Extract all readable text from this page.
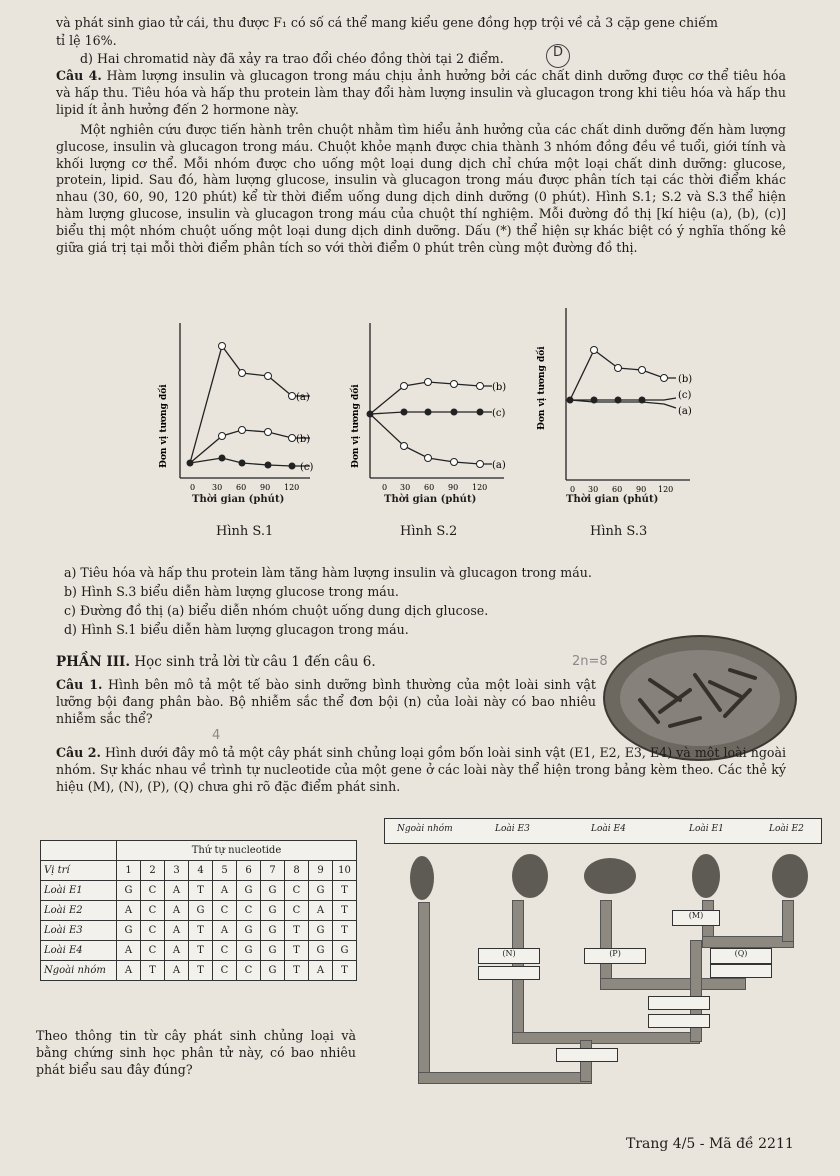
và phát sinh giao tử cái, thu được F₁ có số cá thể mang kiểu gene đồng hợp trội về cả 3 cặp gene chiếm
tỉ lệ 16%.
d) Hai chromatid này đã xảy ra trao đổi chéo đồng thời tại 2 điểm.	D
Câu 4. Hàm lượng insulin và glucagon trong máu chịu ảnh hưởng bởi các chất dinh dưỡng được cơ thể tiêu hóa và hấp thu. Tiêu hóa và hấp thu protein làm thay đổi hàm lượng insulin và glucagon trong khi tiêu hóa và hấp thu lipid ít ảnh hưởng đến 2 hormone này.
Một nghiên cứu được tiến hành trên chuột nhằm tìm hiểu ảnh hưởng của các chất dinh dưỡng đến hàm lượng glucose, insulin và glucagon trong máu. Chuột khỏe mạnh được chia thành 3 nhóm đồng đều về tuổi, giới tính và khối lượng cơ thể. Mỗi nhóm được cho uống một loại dung dịch chỉ chứa một loại chất dinh dưỡng: glucose, protein, lipid. Sau đó, hàm lượng glucose, insulin và glucagon trong máu được phân tích tại các thời điểm khác nhau (30, 60, 90, 120 phút) kể từ thời điểm uống dung dịch dinh dưỡng (0 phút). Hình S.1; S.2 và S.3 thể hiện hàm lượng glucose, insulin và glucagon trong máu của chuột thí nghiệm. Mỗi đường đồ thị [kí hiệu (a), (b), (c)] biểu thị một nhóm chuột uống một loại dung dịch dinh dưỡng. Dấu (*) thể hiện sự khác biệt có ý nghĩa thống kê giữa giá trị tại mỗi thời điểm phân tích so với thời điểm 0 phút trên cùng một đường đồ thị.
(a)
(b)
(c)
Đơn vị tương đối
0 30 60 90 120
Thời gian (phút)
Hình S.1
(b)
(c)
(a)
Đơn vị tương đối
0 30 60 90 120
Thời gian (phút)
Hình S.2
(b)
(c)
(a)
Đơn vị tương đối
0 30 60 90 120
Thời gian (phút)
Hình S.3
a) Tiêu hóa và hấp thu protein làm tăng hàm lượng insulin và glucagon trong máu.
b) Hình S.3 biểu diễn hàm lượng glucose trong máu.
c) Đường đồ thị (a) biểu diễn nhóm chuột uống dung dịch glucose.
d) Hình S.1 biểu diễn hàm lượng glucagon trong máu.
PHẦN III. Học sinh trả lời từ câu 1 đến câu 6.
Câu 1. Hình bên mô tả một tế bào sinh dưỡng bình thường của một loài sinh vật lưỡng bội đang phân bào. Bộ nhiễm sắc thể đơn bội (n) của loài này có bao nhiêu nhiễm sắc thể?
2n=8
4
Câu 2. Hình dưới đây mô tả một cây phát sinh chủng loại gồm bốn loài sinh vật (E1, E2, E3, E4) và một loài ngoài nhóm. Sự khác nhau về trình tự nucleotide của một gene ở các loài này thể hiện trong bảng kèm theo. Các thẻ ký hiệu (M), (N), (P), (Q) chưa ghi rõ đặc điểm phát sinh.
	Thứ tự nucleotide									
Vị trí	1	2	3	4	5	6	7	8	9	10
Loài E1	G	C	A	T	A	G	G	C	G	T
Loài E2	A	C	A	G	C	C	G	C	A	T
Loài E3	G	C	A	T	A	G	G	T	G	T
Loài E4	A	C	A	T	C	G	G	T	G	G
Ngoài nhóm	A	T	A	T	C	C	G	T	A	T
Theo thông tin từ cây phát sinh chủng loại và bằng chứng sinh học phân tử này, có bao nhiêu phát biểu sau đây đúng?
Ngoài nhóm	Loài E3	Loài E4	Loài E1	Loài E2
(M)
(N)	(P)	(Q)
Trang 4/5 - Mã đề 2211
